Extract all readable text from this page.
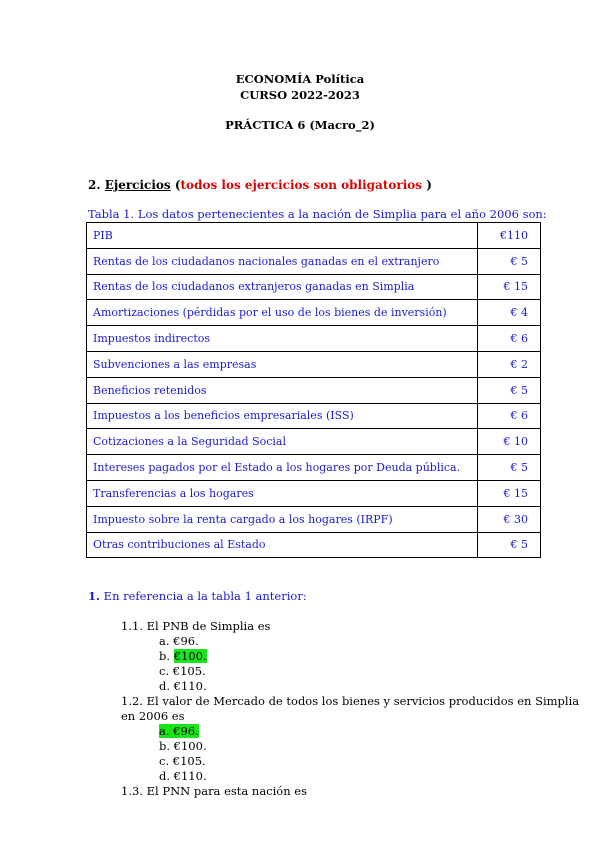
ECONOMÍA Política
CURSO 2022-2023
PRÁCTICA 6 (Macro_2)
2. Ejercicios (todos los ejercicios son obligatorios )
Tabla 1. Los datos pertenecientes a la nación de Simplia para el año 2006 son:
PIB	€110
Rentas de los ciudadanos nacionales ganadas en el extranjero	€ 5
Rentas de los ciudadanos extranjeros ganadas en Simplia	€ 15
Amortizaciones (pérdidas por el uso de los bienes de inversión)	€ 4
Impuestos indirectos	€ 6
Subvenciones a las empresas	€ 2
Beneficios retenidos	€ 5
Impuestos a los beneficios empresariales (ISS)	€ 6
Cotizaciones a la Seguridad Social	€ 10
Intereses pagados por el Estado a los hogares por Deuda pública.	€ 5
Transferencias a los hogares	€ 15
Impuesto sobre la renta cargado a los hogares (IRPF)	€ 30
Otras contribuciones al Estado	€ 5
1. En referencia a la tabla 1 anterior:
1.1. El PNB de Simplia es
a. €96.
b. €100.
c. €105.
d. €110.
1.2. El valor de Mercado de todos los bienes y servicios producidos en Simplia
en 2006 es
a. €96.
b. €100.
c. €105.
d. €110.
1.3. El PNN para esta nación es
